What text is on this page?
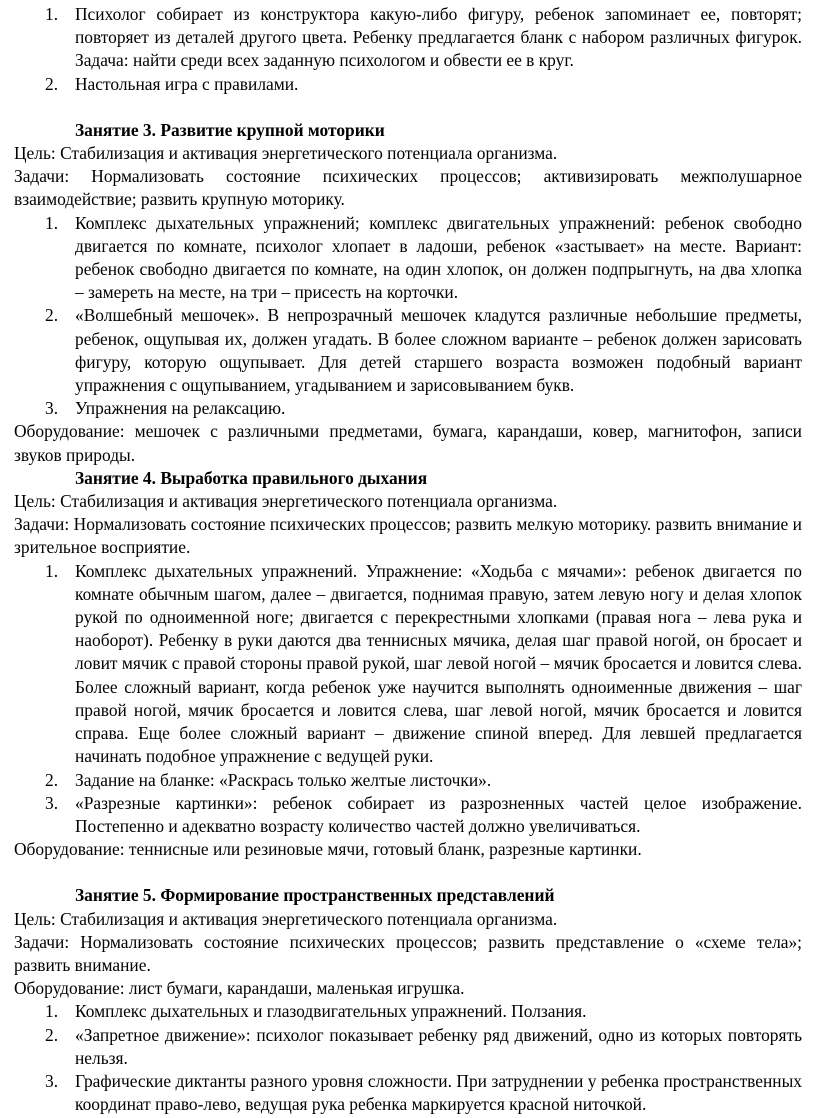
1. Психолог собирает из конструктора какую-либо фигуру, ребенок запоминает ее, повторят; повторяет из деталей другого цвета. Ребенку предлагается бланк с набором различных фигурок. Задача: найти среди всех заданную психологом и обвести ее в круг.
2. Настольная игра с правилами.
Занятие 3. Развитие крупной моторики

Цель: Стабилизация и активация энергетического потенциала организма.

Задачи: Нормализовать состояние психических процессов; активизировать межполушарное взаимодействие; развить крупную моторику.

1. Комплекс дыхательных упражнений; комплекс двигательных упражнений: ребенок свободно двигается по комнате, психолог хлопает в ладоши, ребенок «застывает» на месте. Вариант: ребенок свободно двигается по комнате, на один хлопок, он должен подпрыгнуть, на два хлопка – замереть на месте, на три – присесть на корточки.
2. «Волшебный мешочек». В непрозрачный мешочек кладутся различные небольшие предметы, ребенок, ощупывая их, должен угадать. В более сложном варианте – ребенок должен зарисовать фигуру, которую ощупывает. Для детей старшего возраста возможен подобный вариант упражнения с ощупыванием, угадыванием и зарисовыванием букв.
3. Упражнения на релаксацию.

Оборудование: мешочек с различными предметами, бумага, карандаши, ковер, магнитофон, записи звуков природы.

Занятие 4. Выработка правильного дыхания

Цель: Стабилизация и активация энергетического потенциала организма.

Задачи: Нормализовать состояние психических процессов; развить мелкую моторику. развить внимание и зрительное восприятие.

1. Комплекс дыхательных упражнений. Упражнение: «Ходьба с мячами»: ребенок двигается по комнате обычным шагом, далее – двигается, поднимая правую, затем левую ногу и делая хлопок рукой по одноименной ноге; двигается с перекрестными хлопками (правая нога – лева рука и наоборот). Ребенку в руки даются два теннисных мячика, делая шаг правой ногой, он бросает и ловит мячик с правой стороны правой рукой, шаг левой ногой – мячик бросается и ловится слева. Более сложный вариант, когда ребенок уже научится выполнять одноименные движения – шаг правой ногой, мячик бросается и ловится слева, шаг левой ногой, мячик бросается и ловится справа. Еще более сложный вариант – движение спиной вперед. Для левшей предлагается начинать подобное упражнение с ведущей руки.
2. Задание на бланке: «Раскрась только желтые листочки».
3. «Разрезные картинки»: ребенок собирает из разрозненных частей целое изображение. Постепенно и адекватно возрасту количество частей должно увеличиваться.

Оборудование: теннисные или резиновые мячи, готовый бланк, разрезные картинки.

Занятие 5. Формирование пространственных представлений

Цель: Стабилизация и активация энергетического потенциала организма.

Задачи: Нормализовать состояние психических процессов; развить представление о «схеме тела»; развить внимание.

Оборудование: лист бумаги, карандаши, маленькая игрушка.

1. Комплекс дыхательных и глазодвигательных упражнений. Ползания.
2. «Запретное движение»: психолог показывает ребенку ряд движений, одно из которых повторять нельзя.
3. Графические диктанты разного уровня сложности. При затруднении у ребенка пространственных координат право-лево, ведущая рука ребенка маркируется красной ниточкой.
